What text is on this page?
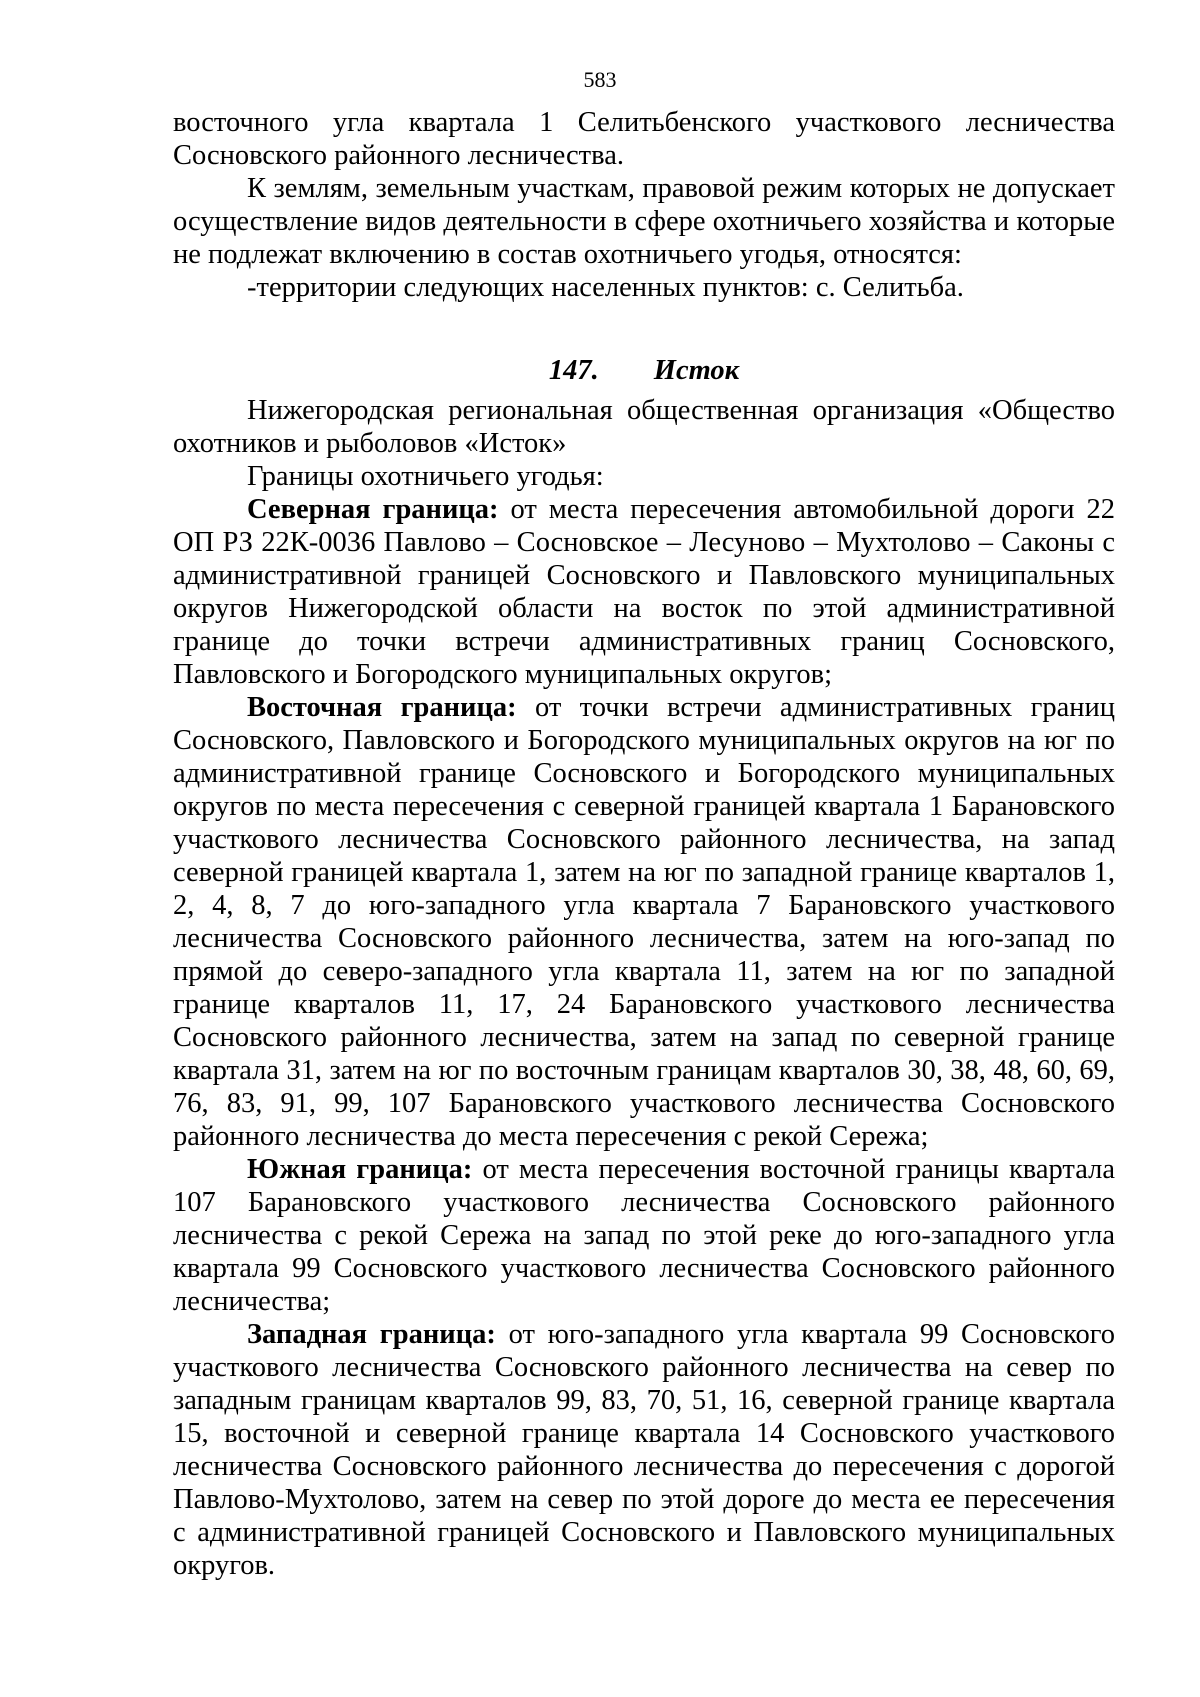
583

восточного угла квартала 1 Селитьбенского участкового лесничества Сосновского районного лесничества.

К землям, земельным участкам, правовой режим которых не допускает осуществление видов деятельности в сфере охотничьего хозяйства и которые не подлежат включению в состав охотничьего угодья, относятся:

-территории следующих населенных пунктов: с. Селитьба.

147. Исток

Нижегородская региональная общественная организация «Общество охотников и рыболовов «Исток»

Границы охотничьего угодья:

Северная граница: от места пересечения автомобильной дороги 22 ОП РЗ 22К-0036 Павлово – Сосновское – Лесуново – Мухтолово – Саконы с административной границей Сосновского и Павловского муниципальных округов Нижегородской области на восток по этой административной границе до точки встречи административных границ Сосновского, Павловского и Богородского муниципальных округов;

Восточная граница: от точки встречи административных границ Сосновского, Павловского и Богородского муниципальных округов на юг по административной границе Сосновского и Богородского муниципальных округов по места пересечения с северной границей квартала 1 Барановского участкового лесничества Сосновского районного лесничества, на запад северной границей квартала 1, затем на юг по западной границе кварталов 1, 2, 4, 8, 7 до юго-западного угла квартала 7 Барановского участкового лесничества Сосновского районного лесничества, затем на юго-запад по прямой до северо-западного угла квартала 11, затем на юг по западной границе кварталов 11, 17, 24 Барановского участкового лесничества Сосновского районного лесничества, затем на запад по северной границе квартала 31, затем на юг по восточным границам кварталов 30, 38, 48, 60, 69, 76, 83, 91, 99, 107 Барановского участкового лесничества Сосновского районного лесничества до места пересечения с рекой Сережа;

Южная граница: от места пересечения восточной границы квартала 107 Барановского участкового лесничества Сосновского районного лесничества с рекой Сережа на запад по этой реке до юго-западного угла квартала 99 Сосновского участкового лесничества Сосновского районного лесничества;

Западная граница: от юго-западного угла квартала 99 Сосновского участкового лесничества Сосновского районного лесничества на север по западным границам кварталов 99, 83, 70, 51, 16, северной границе квартала 15, восточной и северной границе квартала 14 Сосновского участкового лесничества Сосновского районного лесничества до пересечения с дорогой Павлово-Мухтолово, затем на север по этой дороге до места ее пересечения с административной границей Сосновского и Павловского муниципальных округов.
